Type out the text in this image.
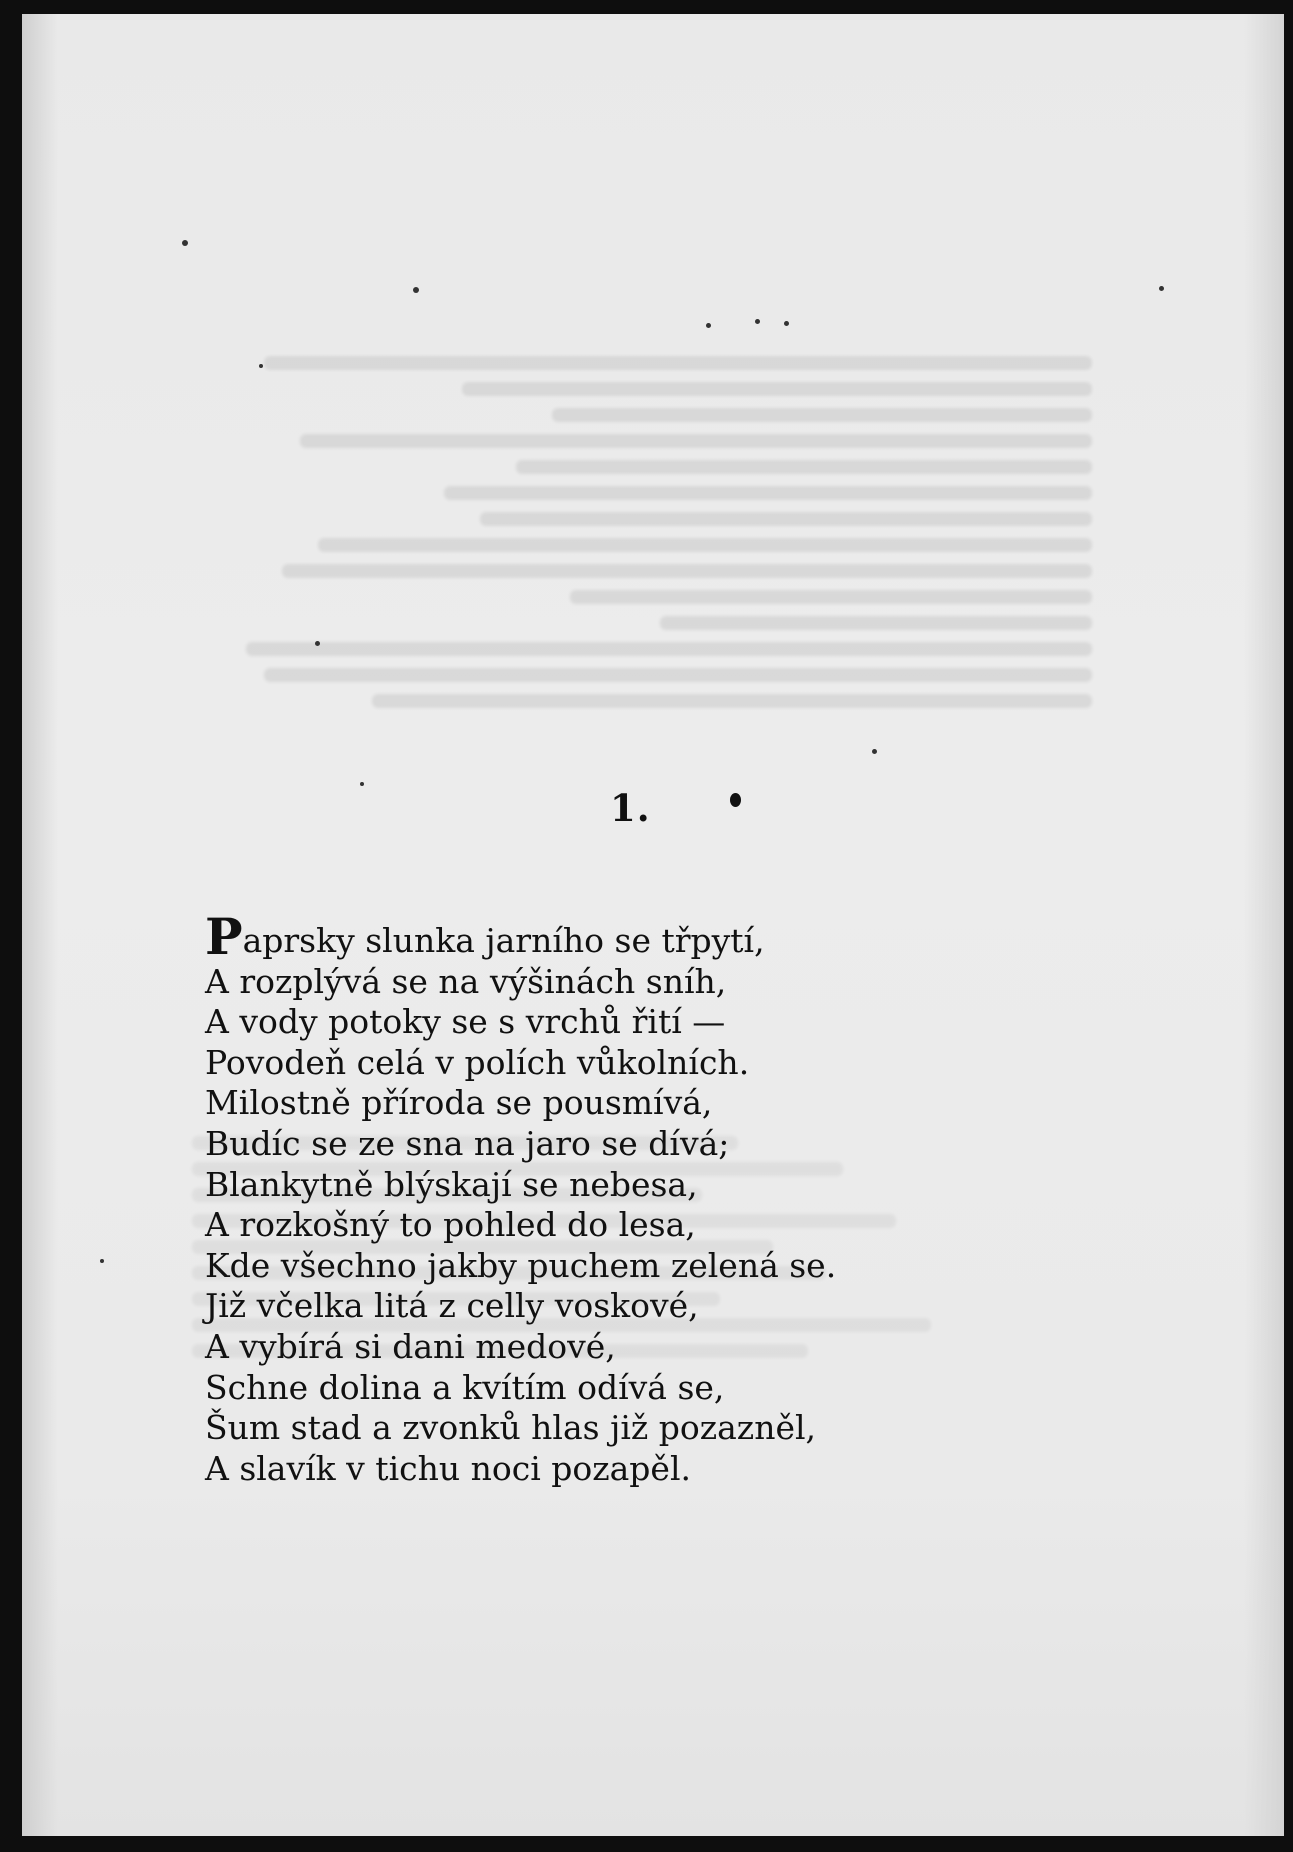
1.
Paprsky slunka jarního se třpytí,
A rozplývá se na výšinách sníh,
A vody potoky se s vrchů řití —
Povodeň celá v polích vůkolních.
Milostně příroda se pousmívá,
Budíc se ze sna na jaro se dívá;
Blankytně blýskají se nebesa,
A rozkošný to pohled do lesa,
Kde všechno jakby puchem zelená se.
Již včelka litá z celly voskové,
A vybírá si dani medové,
Schne dolina a kvítím odívá se,
Šum stad a zvonků hlas již pozazněl,
A slavík v tichu noci pozapěl.
